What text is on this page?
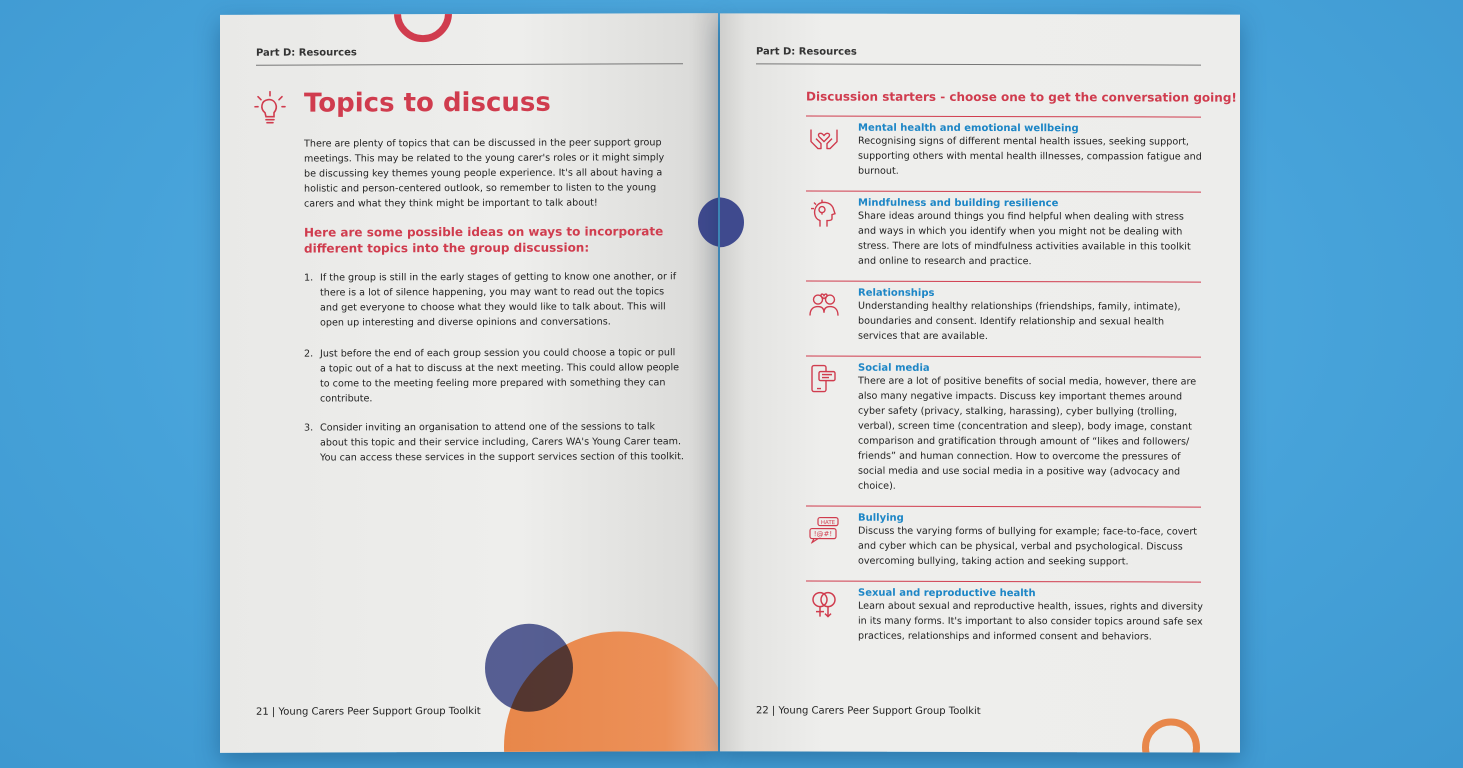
Part D: Resources
Topics to discuss
There are plenty of topics that can be discussed in the peer support group meetings. This may be related to the young carer's roles or it might simply be discussing key themes young people experience. It's all about having a holistic and person-centered outlook, so remember to listen to the young carers and what they think might be important to talk about!
Here are some possible ideas on ways to incorporate different topics into the group discussion:
1. If the group is still in the early stages of getting to know one another, or if there is a lot of silence happening, you may want to read out the topics and get everyone to choose what they would like to talk about. This will open up interesting and diverse opinions and conversations.
2. Just before the end of each group session you could choose a topic or pull a topic out of a hat to discuss at the next meeting. This could allow people to come to the meeting feeling more prepared with something they can contribute.
3. Consider inviting an organisation to attend one of the sessions to talk about this topic and their service including, Carers WA's Young Carer team. You can access these services in the support services section of this toolkit.
21 | Young Carers Peer Support Group Toolkit
Part D: Resources
Discussion starters - choose one to get the conversation going!
Mental health and emotional wellbeing
Recognising signs of different mental health issues, seeking support, supporting others with mental health illnesses, compassion fatigue and burnout.
Mindfulness and building resilience
Share ideas around things you find helpful when dealing with stress and ways in which you identify when you might not be dealing with stress. There are lots of mindfulness activities available in this toolkit and online to research and practice.
Relationships
Understanding healthy relationships (friendships, family, intimate), boundaries and consent. Identify relationship and sexual health services that are available.
Social media
There are a lot of positive benefits of social media, however, there are also many negative impacts. Discuss key important themes around cyber safety (privacy, stalking, harassing), cyber bullying (trolling, verbal), screen time (concentration and sleep), body image, constant comparison and gratification through amount of “likes and followers/ friends” and human connection. How to overcome the pressures of social media and use social media in a positive way (advocacy and choice).
HATE
!@#!
Bullying
Discuss the varying forms of bullying for example; face-to-face, covert and cyber which can be physical, verbal and psychological. Discuss overcoming bullying, taking action and seeking support.
Sexual and reproductive health
Learn about sexual and reproductive health, issues, rights and diversity in its many forms. It's important to also consider topics around safe sex practices, relationships and informed consent and behaviors.
22 | Young Carers Peer Support Group Toolkit
